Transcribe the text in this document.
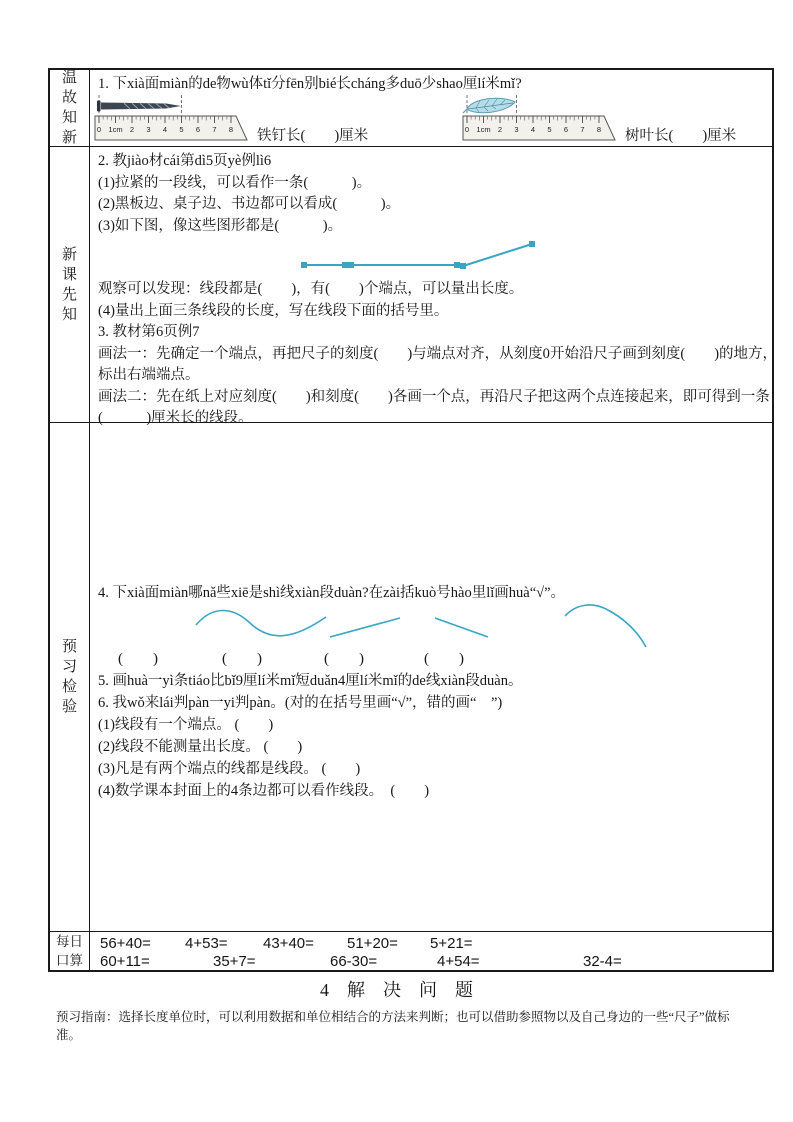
温故知新
1. 下xià面miàn的de物wù体tǐ分fēn别bié长cháng多duō少shao厘lí米mǐ?
0 1cm 2 3 4 5 6 7 8 铁钉长(　　)厘米	0 1cm 2 3 4 5 6 7 8 树叶长(　　)厘米
新课先知
2. 教jiào材cái第dì5页yè例lì6
(1)拉紧的一段线，可以看作一条(　　　)。
(2)黑板边、桌子边、书边都可以看成(　　　)。
(3)如下图，像这些图形都是(　　　)。
观察可以发现：线段都是(　　)，有(　　)个端点，可以量出长度。
(4)量出上面三条线段的长度，写在线段下面的括号里。
3. 教材第6页例7
画法一：先确定一个端点，再把尺子的刻度(　　)与端点对齐，从刻度0开始沿尺子画到刻度(　　)的地方，
标出右端端点。
画法二：先在纸上对应刻度(　　)和刻度(　　)各画一个点，再沿尺子把这两个点连接起来，即可得到一条
(　　　)厘米长的线段。
预习检验
4. 下xià面miàn哪nǎ些xiē是shì线xiàn段duàn?在zài括kuò号hào里lǐ画huà“√”。
(　　)	(　　)	(　　)	(　　)
5. 画huà一yì条tiáo比bǐ9厘lí米mǐ短duǎn4厘lí米mǐ的de线xiàn段duàn。
6. 我wǒ来lái判pàn一yi判pàn。(对的在括号里画“√”，错的画“　”)
(1)线段有一个端点。 (　　)
(2)线段不能测量出长度。 (　　)
(3)凡是有两个端点的线都是线段。 (　　)
(4)数学课本封面上的4条边都可以看作线段。　(　　)
每日
口算
56+40= 4+53= 43+40= 51+20= 5+21=
60+11=	35+7=	66-30=	4+54=	32-4=
4　解　决　问　题
预习指南：选择长度单位时，可以利用数据和单位相结合的方法来判断；也可以借助参照物以及自己身边的一些“尺子”做标准。
